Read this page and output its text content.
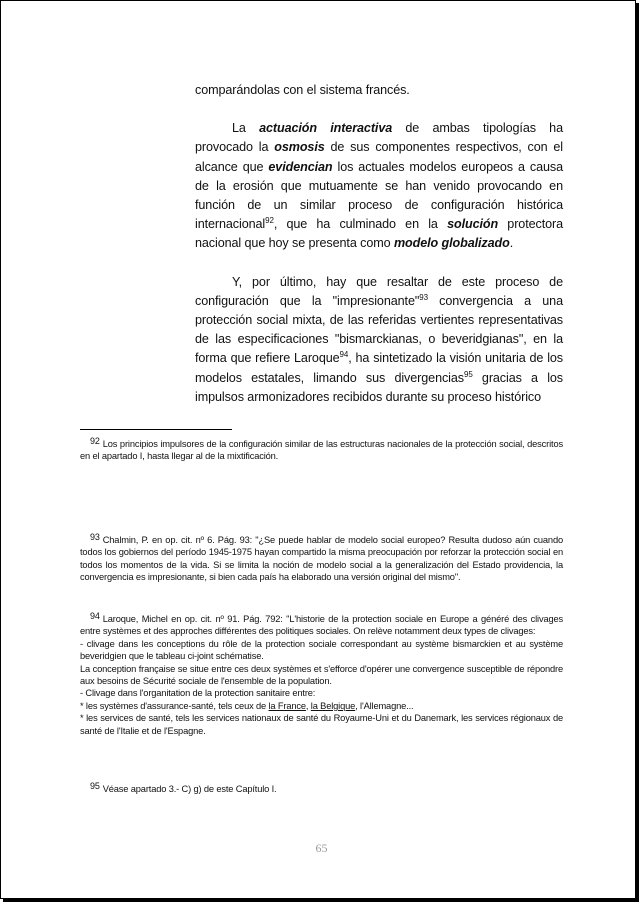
comparándolas con el sistema francés.

La actuación interactiva de ambas tipologías ha provocado la osmosis de sus componentes respectivos, con el alcance que evidencian los actuales modelos europeos a causa de la erosión que mutuamente se han venido provocando en función de un similar proceso de configuración histórica internacional$^{92}$, que ha culminado en la solución protectora nacional que hoy se presenta como modelo globalizado.

Y, por último, hay que resaltar de este proceso de configuración que la "impresionante"$^{93}$ convergencia a una protección social mixta, de las referidas vertientes representativas de las especificaciones "bismarckianas, o beveridgianas", en la forma que refiere Laroque$^{94}$, ha sintetizado la visión unitaria de los modelos estatales, limando sus divergencias$^{95}$ gracias a los impulsos armonizadores recibidos durante su proceso histórico

92 Los principios impulsores de la configuración similar de las estructuras nacionales de la protección social, descritos en el apartado I, hasta llegar al de la mixtificación.

93 Chalmin, P. en op. cit. nº 6. Pág. 93: "¿Se puede hablar de modelo social europeo? Resulta dudoso aún cuando todos los gobiernos del período 1945-1975 hayan compartido la misma preocupación por reforzar la protección social en todos los momentos de la vida. Si se limita la noción de modelo social a la generalización del Estado providencia, la convergencia es impresionante, si bien cada país ha elaborado una versión original del mismo".

94 Laroque, Michel en op. cit. nº 91. Pág. 792: "L'historie de la protection sociale en Europe a généré des clivages entre systèmes et des approches différentes des politiques sociales. On relève notamment deux types de clivages:

- clivage dans les conceptions du rôle de la protection sociale correspondant au système bismarckien et au système beveridgien que le tableau ci-joint schématise.

La conception française se situe entre ces deux systèmes et s'efforce d'opérer une convergence susceptible de répondre aux besoins de Sécurité sociale de l'ensemble de la population.

- Clivage dans l'organitation de la protection sanitaire entre:

* les systèmes d'assurance-santé, tels ceux de la France, la Belgique, l'Allemagne...

* les services de santé, tels les services nationaux de santé du Royaume-Uni et du Danemark, les services régionaux de santé de l'Italie et de l'Espagne.

95 Véase apartado 3.- C) g) de este Capítulo I.

65
